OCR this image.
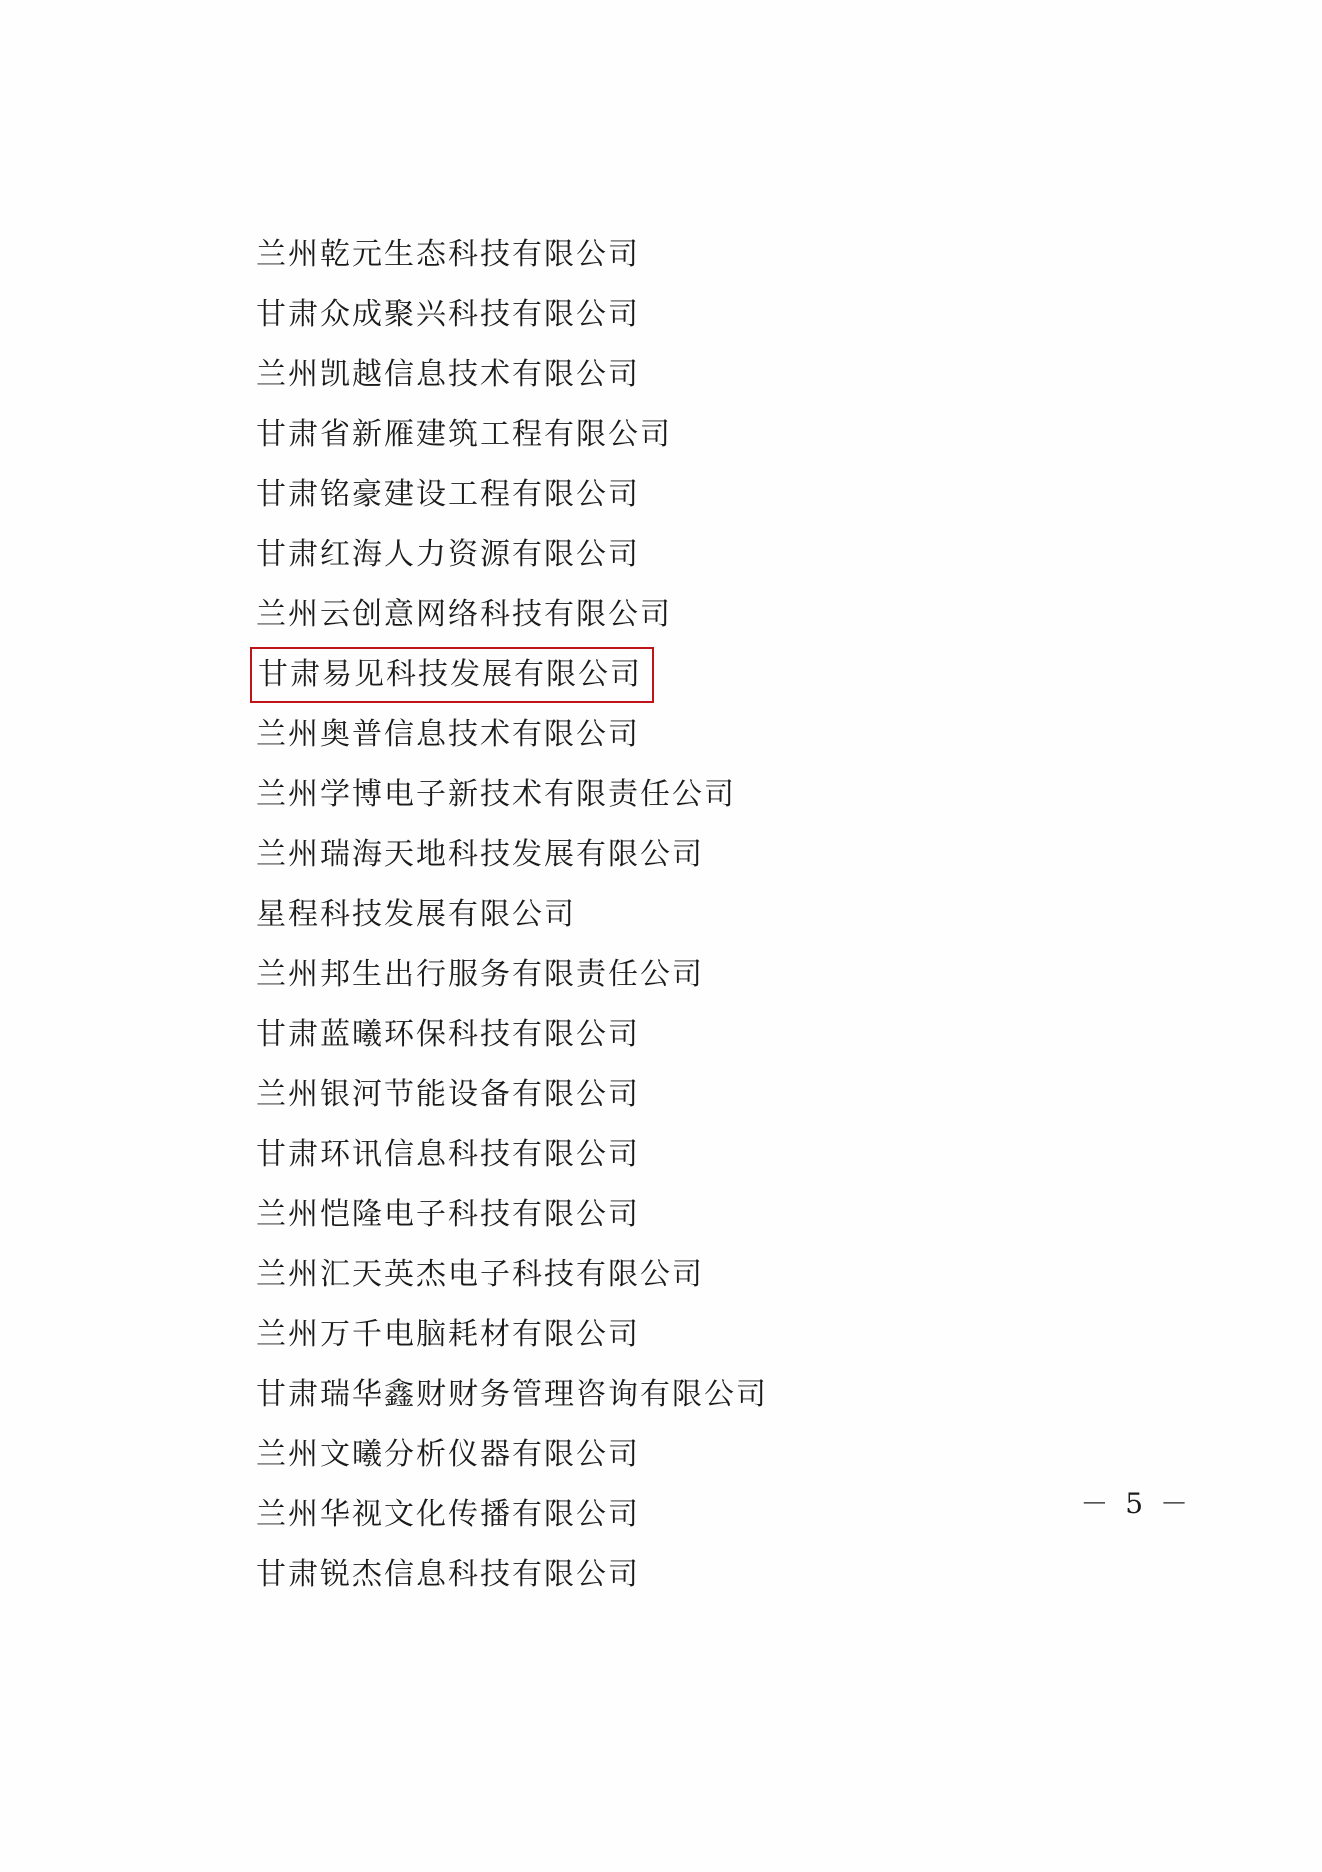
兰州乾元生态科技有限公司
甘肃众成聚兴科技有限公司
兰州凯越信息技术有限公司
甘肃省新雁建筑工程有限公司
甘肃铭豪建设工程有限公司
甘肃红海人力资源有限公司
兰州云创意网络科技有限公司
甘肃易见科技发展有限公司
兰州奥普信息技术有限公司
兰州学博电子新技术有限责任公司
兰州瑞海天地科技发展有限公司
星程科技发展有限公司
兰州邦生出行服务有限责任公司
甘肃蓝曦环保科技有限公司
兰州银河节能设备有限公司
甘肃环讯信息科技有限公司
兰州恺隆电子科技有限公司
兰州汇天英杰电子科技有限公司
兰州万千电脑耗材有限公司
甘肃瑞华鑫财财务管理咨询有限公司
兰州文曦分析仪器有限公司
兰州华视文化传播有限公司
甘肃锐杰信息科技有限公司
－ 5 －
